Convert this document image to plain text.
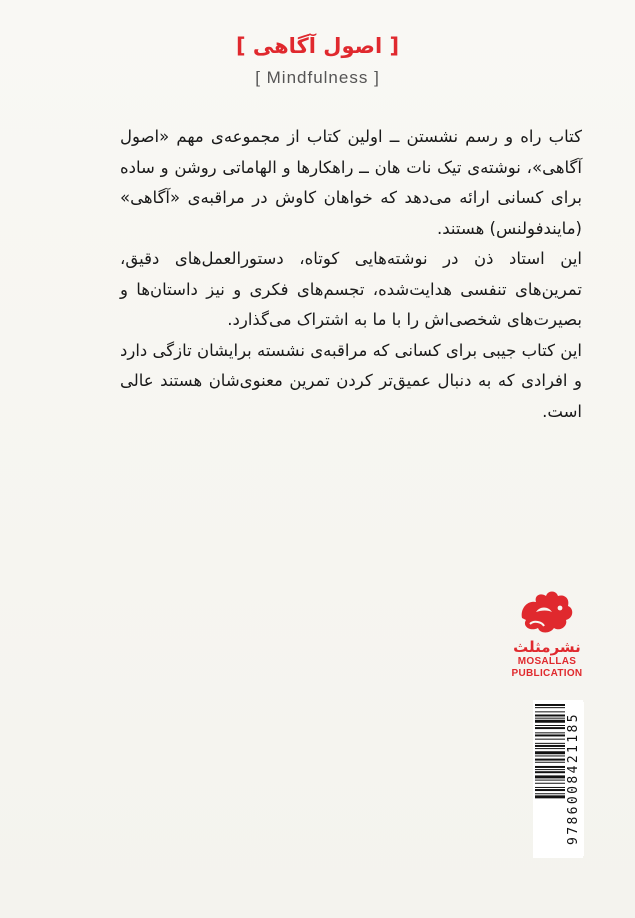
[ اصول آگاهی ]
[ Mindfulness ]

کتاب راه و رسم نشستن ــ اولین کتاب از مجموعه‌ی مهم «اصول آگاهی»، نوشته‌ی تیک نات هان ــ راهکارها و الهاماتی روشن و ساده برای کسانی ارائه می‌دهد که خواهان کاوش در مراقبه‌ی «آگاهی» (مایندفولنس) هستند.

این استاد ذن در نوشته‌هایی کوتاه، دستورالعمل‌های دقیق، تمرین‌های تنفسی هدایت‌شده، تجسم‌های فکری و نیز داستان‌ها و بصیرت‌های شخصی‌اش را با ما به اشتراک می‌گذارد.

این کتاب جیبی برای کسانی که مراقبه‌ی نشسته برایشان تازگی دارد و افرادی که به دنبال عمیق‌تر کردن تمرین معنوی‌شان هستند عالی است.

نشرمثلث
MOSALLAS
PUBLICATION
9786008421185
